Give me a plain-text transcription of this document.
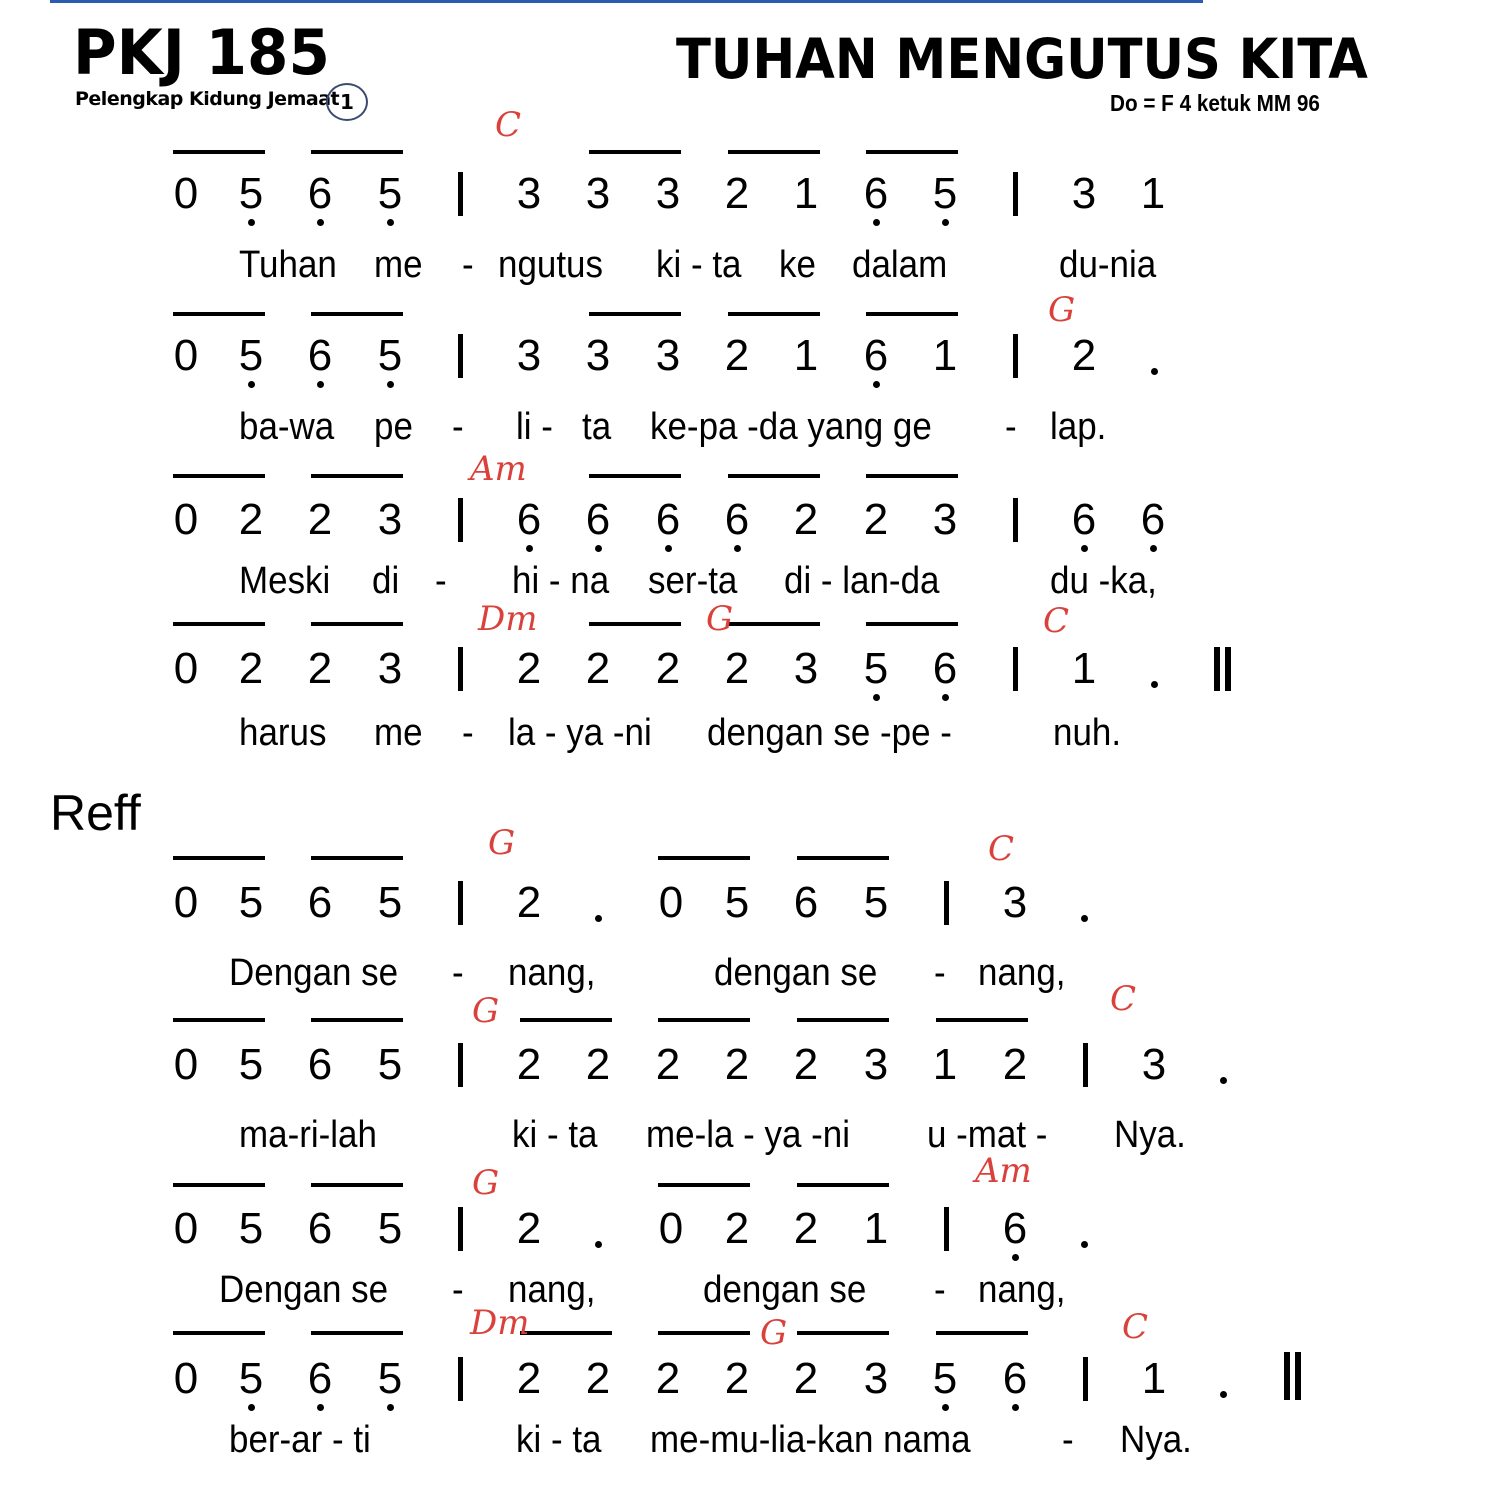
PKJ 185
Pelengkap Kidung Jemaat 1
TUHAN MENGUTUS KITA
Do = F 4 ketuk MM 96
Reff
0 5 6 5	3 3 3 2 1 6 5	3 1
Tuhan me - ngutus ki - ta ke dalam	du-nia
C
0 5 6 5	3 3 3 2 1 6 1	2
ba-wa pe - li - ta ke-pa -da yang ge - lap.
G
0 2 2 3	6 6 6 6 2 2 3	6 6
Meski di - hi - na ser-ta di - lan-da	du -ka,
Am
0 2 2 3	2 2 2 2 3 5 6	1
harus me - la - ya -ni dengan se -pe -	nuh.
Dm	G	C
0 5 6 5	2	0 5 6 5	3
Dengan se - nang,	dengan se - nang,
G	C
0 5 6 5	2 2 2 2 2 3 1 2	3
ma-ri-lah	ki - ta me-la - ya -ni u -mat - Nya.
G	C
0 5 6 5	2	0 2 2 1	6
Dengan se - nang,	dengan se - nang,
G	Am
0 5 6 5	2 2 2 2 2 3 5 6	1
ber-ar - ti	ki - ta me-mu-lia-kan nama - Nya.
Dm	G	C
